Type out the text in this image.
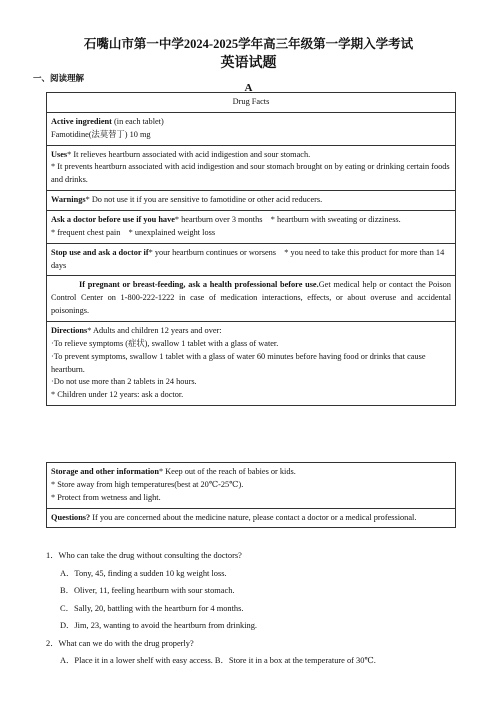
石嘴山市第一中学2024-2025学年高三年级第一学期入学考试
英语试题
一、阅读理解
A
Drug Facts
Active ingredient (in each tablet)
Famotidine(法莫替丁) 10 mg
Uses* It relieves heartburn associated with acid indigestion and sour stomach.
* It prevents heartburn associated with acid indigestion and sour stomach brought on by eating or drinking certain foods and drinks.
Warnings* Do not use it if you are sensitive to famotidine or other acid reducers.
Ask a doctor before use if you have* heartburn over 3 months    * heartburn with sweating or dizziness.
* frequent chest pain    * unexplained weight loss
Stop use and ask a doctor if* your heartburn continues or worsens    * you need to take this product for more than 14 days
If pregnant or breast-feeding, ask a health professional before use.Get medical help or contact the Poison Control Center on 1-800-222-1222 in case of medication interactions, effects, or about overuse and accidental poisonings.
Directions* Adults and children 12 years and over:
·To relieve symptoms (症状), swallow 1 tablet with a glass of water.
·To prevent symptoms, swallow 1 tablet with a glass of water 60 minutes before having food or drinks that cause heartburn.
·Do not use more than 2 tablets in 24 hours.
* Children under 12 years: ask a doctor.
Storage and other information* Keep out of the reach of babies or kids.
* Store away from high temperatures(best at 20℃-25℃).
* Protect from wetness and light.
Questions? If you are concerned about the medicine nature, please contact a doctor or a medical professional.
1．Who can take the drug without consulting the doctors?
A．Tony, 45, finding a sudden 10 kg weight loss.
B．Oliver, 11, feeling heartburn with sour stomach.
C．Sally, 20, battling with the heartburn for 4 months.
D．Jim, 23, wanting to avoid the heartburn from drinking.
2．What can we do with the drug properly?
A．Place it in a lower shelf with easy access. B．Store it in a box at the temperature of 30℃.
